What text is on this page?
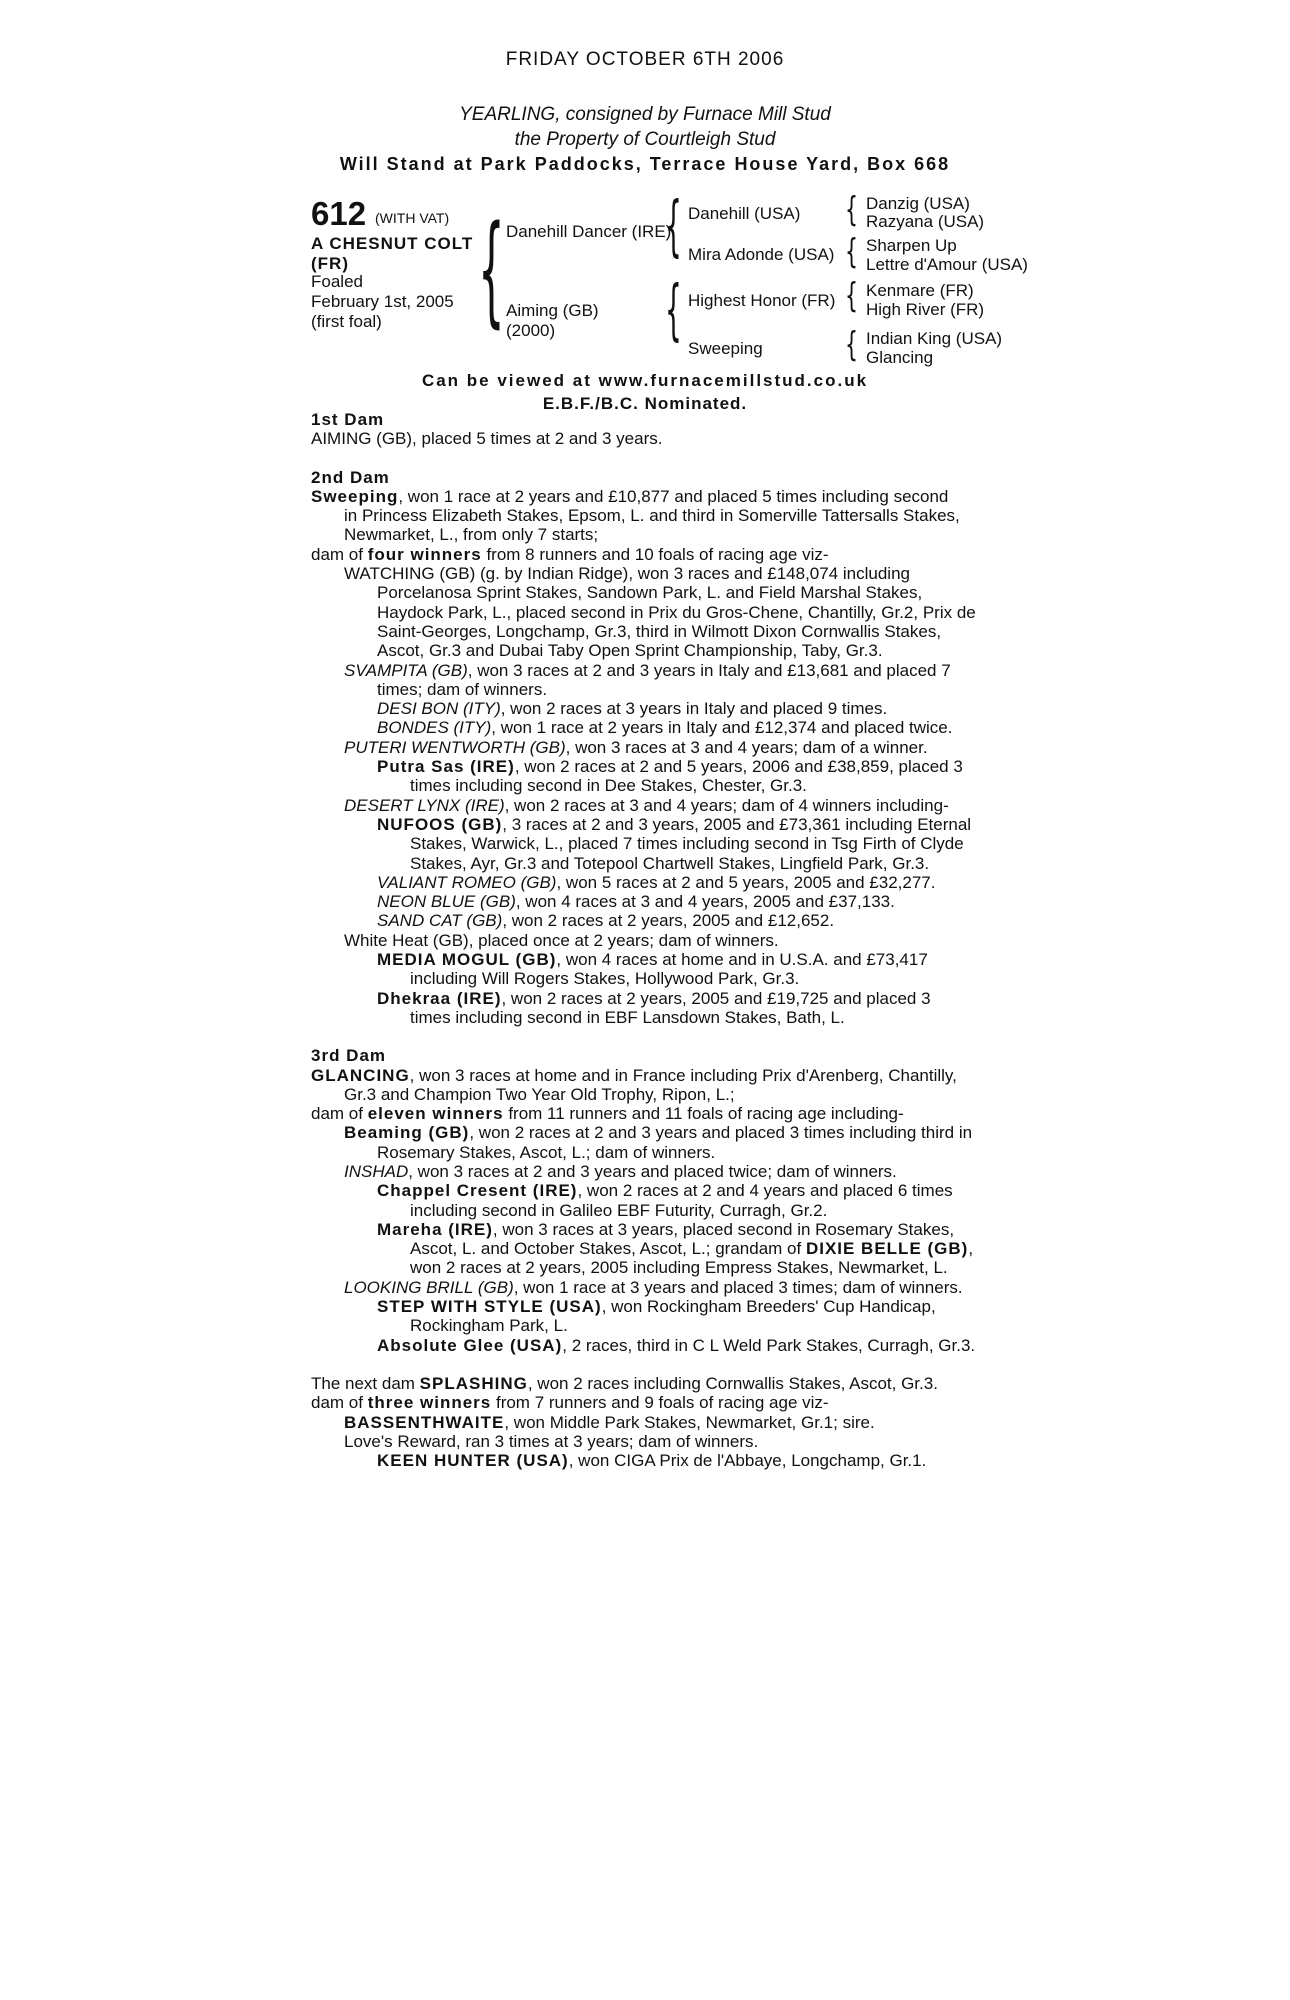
FRIDAY OCTOBER 6TH 2006
YEARLING, consigned by Furnace Mill Stud
the Property of Courtleigh Stud
Will Stand at Park Paddocks, Terrace House Yard, Box 668
612 (WITH VAT)
A CHESNUT COLT (FR)
Foaled
February 1st, 2005
(first foal) { {
{
{
{
{
{
Danehill Dancer (IRE)
Aiming (GB)
(2000)
Danehill (USA)
Mira Adonde (USA)
Highest Honor (FR)
Sweeping
Danzig (USA)
Razyana (USA)
Sharpen Up
Lettre d'Amour (USA)
Kenmare (FR)
High River (FR)
Indian King (USA)
Glancing
Can be viewed at www.furnacemillstud.co.uk
E.B.F./B.C. Nominated.
1st Dam
AIMING (GB), placed 5 times at 2 and 3 years.
2nd Dam
Sweeping, won 1 race at 2 years and £10,877 and placed 5 times including second
in Princess Elizabeth Stakes, Epsom, L. and third in Somerville Tattersalls Stakes,
Newmarket, L., from only 7 starts;
dam of four winners from 8 runners and 10 foals of racing age viz-
WATCHING (GB) (g. by Indian Ridge), won 3 races and £148,074 including
Porcelanosa Sprint Stakes, Sandown Park, L. and Field Marshal Stakes,
Haydock Park, L., placed second in Prix du Gros-Chene, Chantilly, Gr.2, Prix de
Saint-Georges, Longchamp, Gr.3, third in Wilmott Dixon Cornwallis Stakes,
Ascot, Gr.3 and Dubai Taby Open Sprint Championship, Taby, Gr.3.
SVAMPITA (GB), won 3 races at 2 and 3 years in Italy and £13,681 and placed 7
times; dam of winners.
DESI BON (ITY), won 2 races at 3 years in Italy and placed 9 times.
BONDES (ITY), won 1 race at 2 years in Italy and £12,374 and placed twice.
PUTERI WENTWORTH (GB), won 3 races at 3 and 4 years; dam of a winner.
Putra Sas (IRE), won 2 races at 2 and 5 years, 2006 and £38,859, placed 3
times including second in Dee Stakes, Chester, Gr.3.
DESERT LYNX (IRE), won 2 races at 3 and 4 years; dam of 4 winners including-
NUFOOS (GB), 3 races at 2 and 3 years, 2005 and £73,361 including Eternal
Stakes, Warwick, L., placed 7 times including second in Tsg Firth of Clyde
Stakes, Ayr, Gr.3 and Totepool Chartwell Stakes, Lingfield Park, Gr.3.
VALIANT ROMEO (GB), won 5 races at 2 and 5 years, 2005 and £32,277.
NEON BLUE (GB), won 4 races at 3 and 4 years, 2005 and £37,133.
SAND CAT (GB), won 2 races at 2 years, 2005 and £12,652.
White Heat (GB), placed once at 2 years; dam of winners.
MEDIA MOGUL (GB), won 4 races at home and in U.S.A. and £73,417
including Will Rogers Stakes, Hollywood Park, Gr.3.
Dhekraa (IRE), won 2 races at 2 years, 2005 and £19,725 and placed 3
times including second in EBF Lansdown Stakes, Bath, L.
3rd Dam
GLANCING, won 3 races at home and in France including Prix d'Arenberg, Chantilly,
Gr.3 and Champion Two Year Old Trophy, Ripon, L.;
dam of eleven winners from 11 runners and 11 foals of racing age including-
Beaming (GB), won 2 races at 2 and 3 years and placed 3 times including third in
Rosemary Stakes, Ascot, L.; dam of winners.
INSHAD, won 3 races at 2 and 3 years and placed twice; dam of winners.
Chappel Cresent (IRE), won 2 races at 2 and 4 years and placed 6 times
including second in Galileo EBF Futurity, Curragh, Gr.2.
Mareha (IRE), won 3 races at 3 years, placed second in Rosemary Stakes,
Ascot, L. and October Stakes, Ascot, L.; grandam of DIXIE BELLE (GB),
won 2 races at 2 years, 2005 including Empress Stakes, Newmarket, L.
LOOKING BRILL (GB), won 1 race at 3 years and placed 3 times; dam of winners.
STEP WITH STYLE (USA), won Rockingham Breeders' Cup Handicap,
Rockingham Park, L.
Absolute Glee (USA), 2 races, third in C L Weld Park Stakes, Curragh, Gr.3.
The next dam SPLASHING, won 2 races including Cornwallis Stakes, Ascot, Gr.3.
dam of three winners from 7 runners and 9 foals of racing age viz-
BASSENTHWAITE, won Middle Park Stakes, Newmarket, Gr.1; sire.
Love's Reward, ran 3 times at 3 years; dam of winners.
KEEN HUNTER (USA), won CIGA Prix de l'Abbaye, Longchamp, Gr.1.
